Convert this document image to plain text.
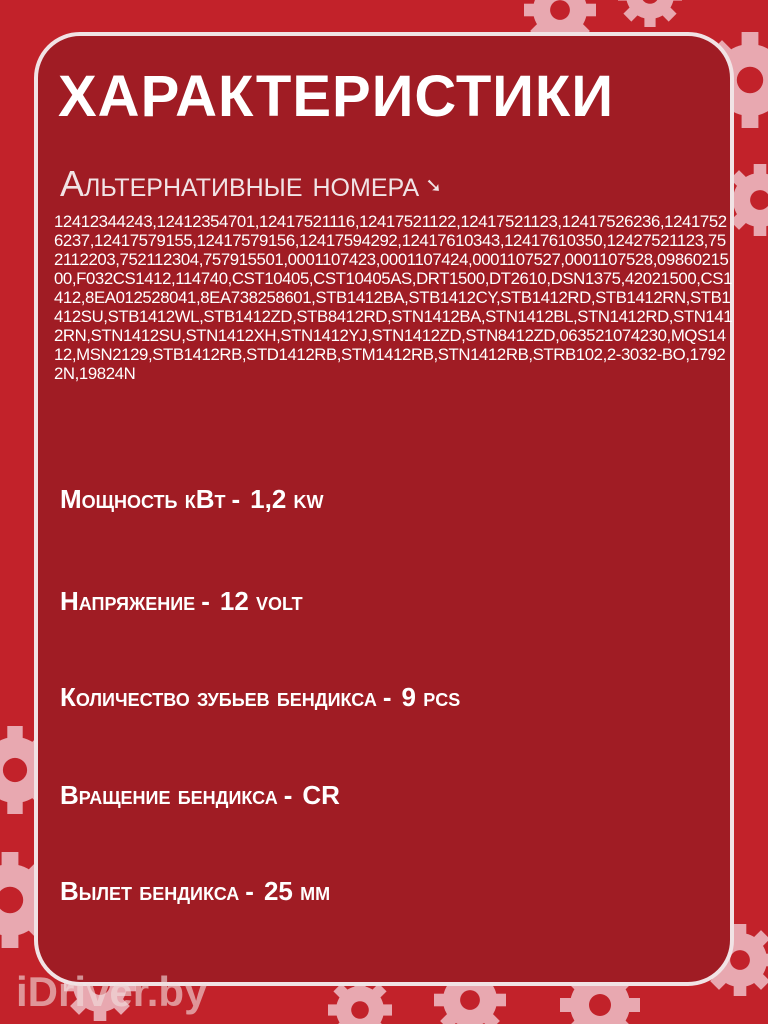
ХАРАКТЕРИСТИКИ
Альтернативные номера ➘
12412344243,12412354701,12417521116,12417521122,12417521123,12417526236,12417526237,12417579155,12417579156,12417594292,12417610343,12417610350,12427521123,752112203,752112304,757915501,0001107423,0001107424,0001107527,0001107528,0986021500,F032CS1412,114740,CST10405,CST10405AS,DRT1500,DT2610,DSN1375,42021500,CS1412,8EA012528041,8EA738258601,STB1412BA,STB1412CY,STB1412RD,STB1412RN,STB1412SU,STB1412WL,STB1412ZD,STB8412RD,STN1412BA,STN1412BL,STN1412RD,STN1412RN,STN1412SU,STN1412XH,STN1412YJ,STN1412ZD,STN8412ZD,063521074230,MQS1412,MSN2129,STB1412RB,STD1412RB,STM1412RB,STN1412RB,STRB102,2-3032-BO,17922N,19824N
Мощность кВт - 1,2 kw
Напряжение - 12 volt
Количество зубьев бендикса - 9 pcs
Вращение бендикса - CR
Вылет бендикса - 25 мм
iDriver.by
